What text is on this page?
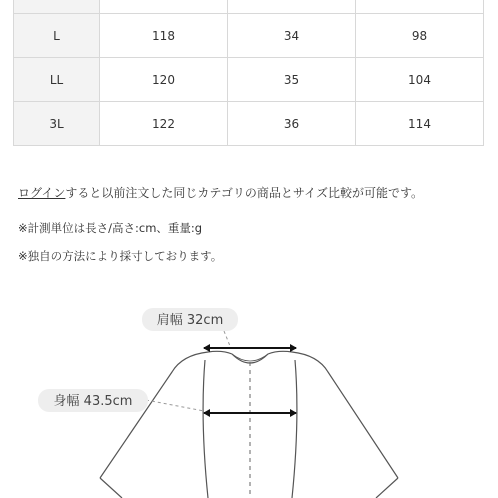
L	118	34	98
LL	120	35	104
3L	122	36	114
ログインすると以前注文した同じカテゴリの商品とサイズ比較が可能です。
※計測単位は長さ/高さ:cm、重量:g
※独自の方法により採寸しております。
肩幅 32cm
身幅 43.5cm
